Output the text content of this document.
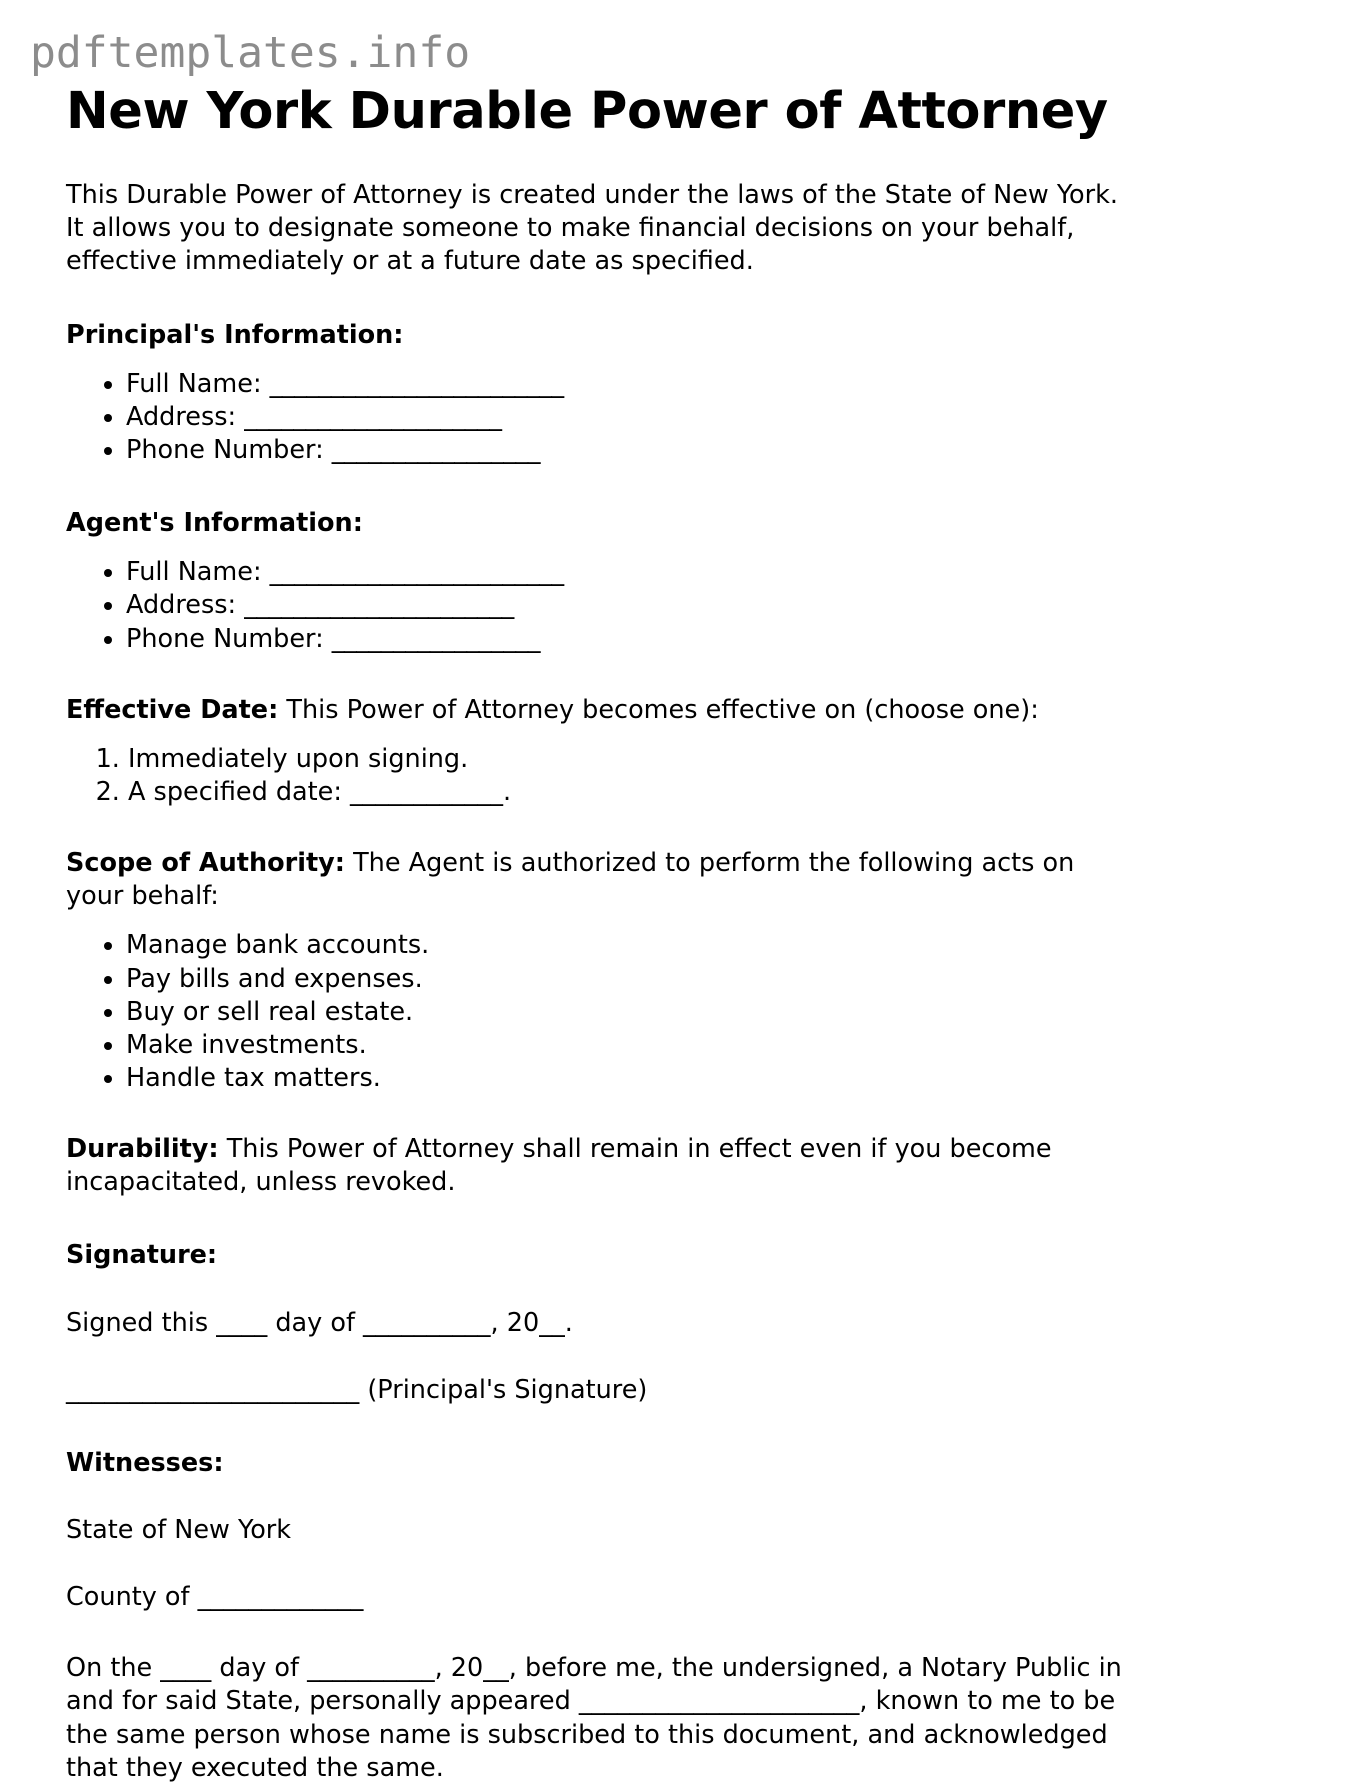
pdftemplates.info
New York Durable Power of Attorney

This Durable Power of Attorney is created under the laws of the State of New York. It allows you to designate someone to make financial decisions on your behalf, effective immediately or at a future date as specified.

Principal's Information:
• Full Name: ________________________
• Address: _____________________
• Phone Number: _________________
Agent's Information:
• Full Name: ________________________
• Address: ______________________
• Phone Number: _________________

Effective Date: This Power of Attorney becomes effective on (choose one):

1. Immediately upon signing.
2. A specified date: ____________.

Scope of Authority: The Agent is authorized to perform the following acts on your behalf:

• Manage bank accounts.
• Pay bills and expenses.
• Buy or sell real estate.
• Make investments.
• Handle tax matters.

Durability: This Power of Attorney shall remain in effect even if you become incapacitated, unless revoked.

Signature:

Signed this ____ day of __________, 20__.

_______________________ (Principal's Signature)

Witnesses:

State of New York

County of _____________

On the ____ day of __________, 20__, before me, the undersigned, a Notary Public in and for said State, personally appeared ______________________, known to me to be the same person whose name is subscribed to this document, and acknowledged that they executed the same.
